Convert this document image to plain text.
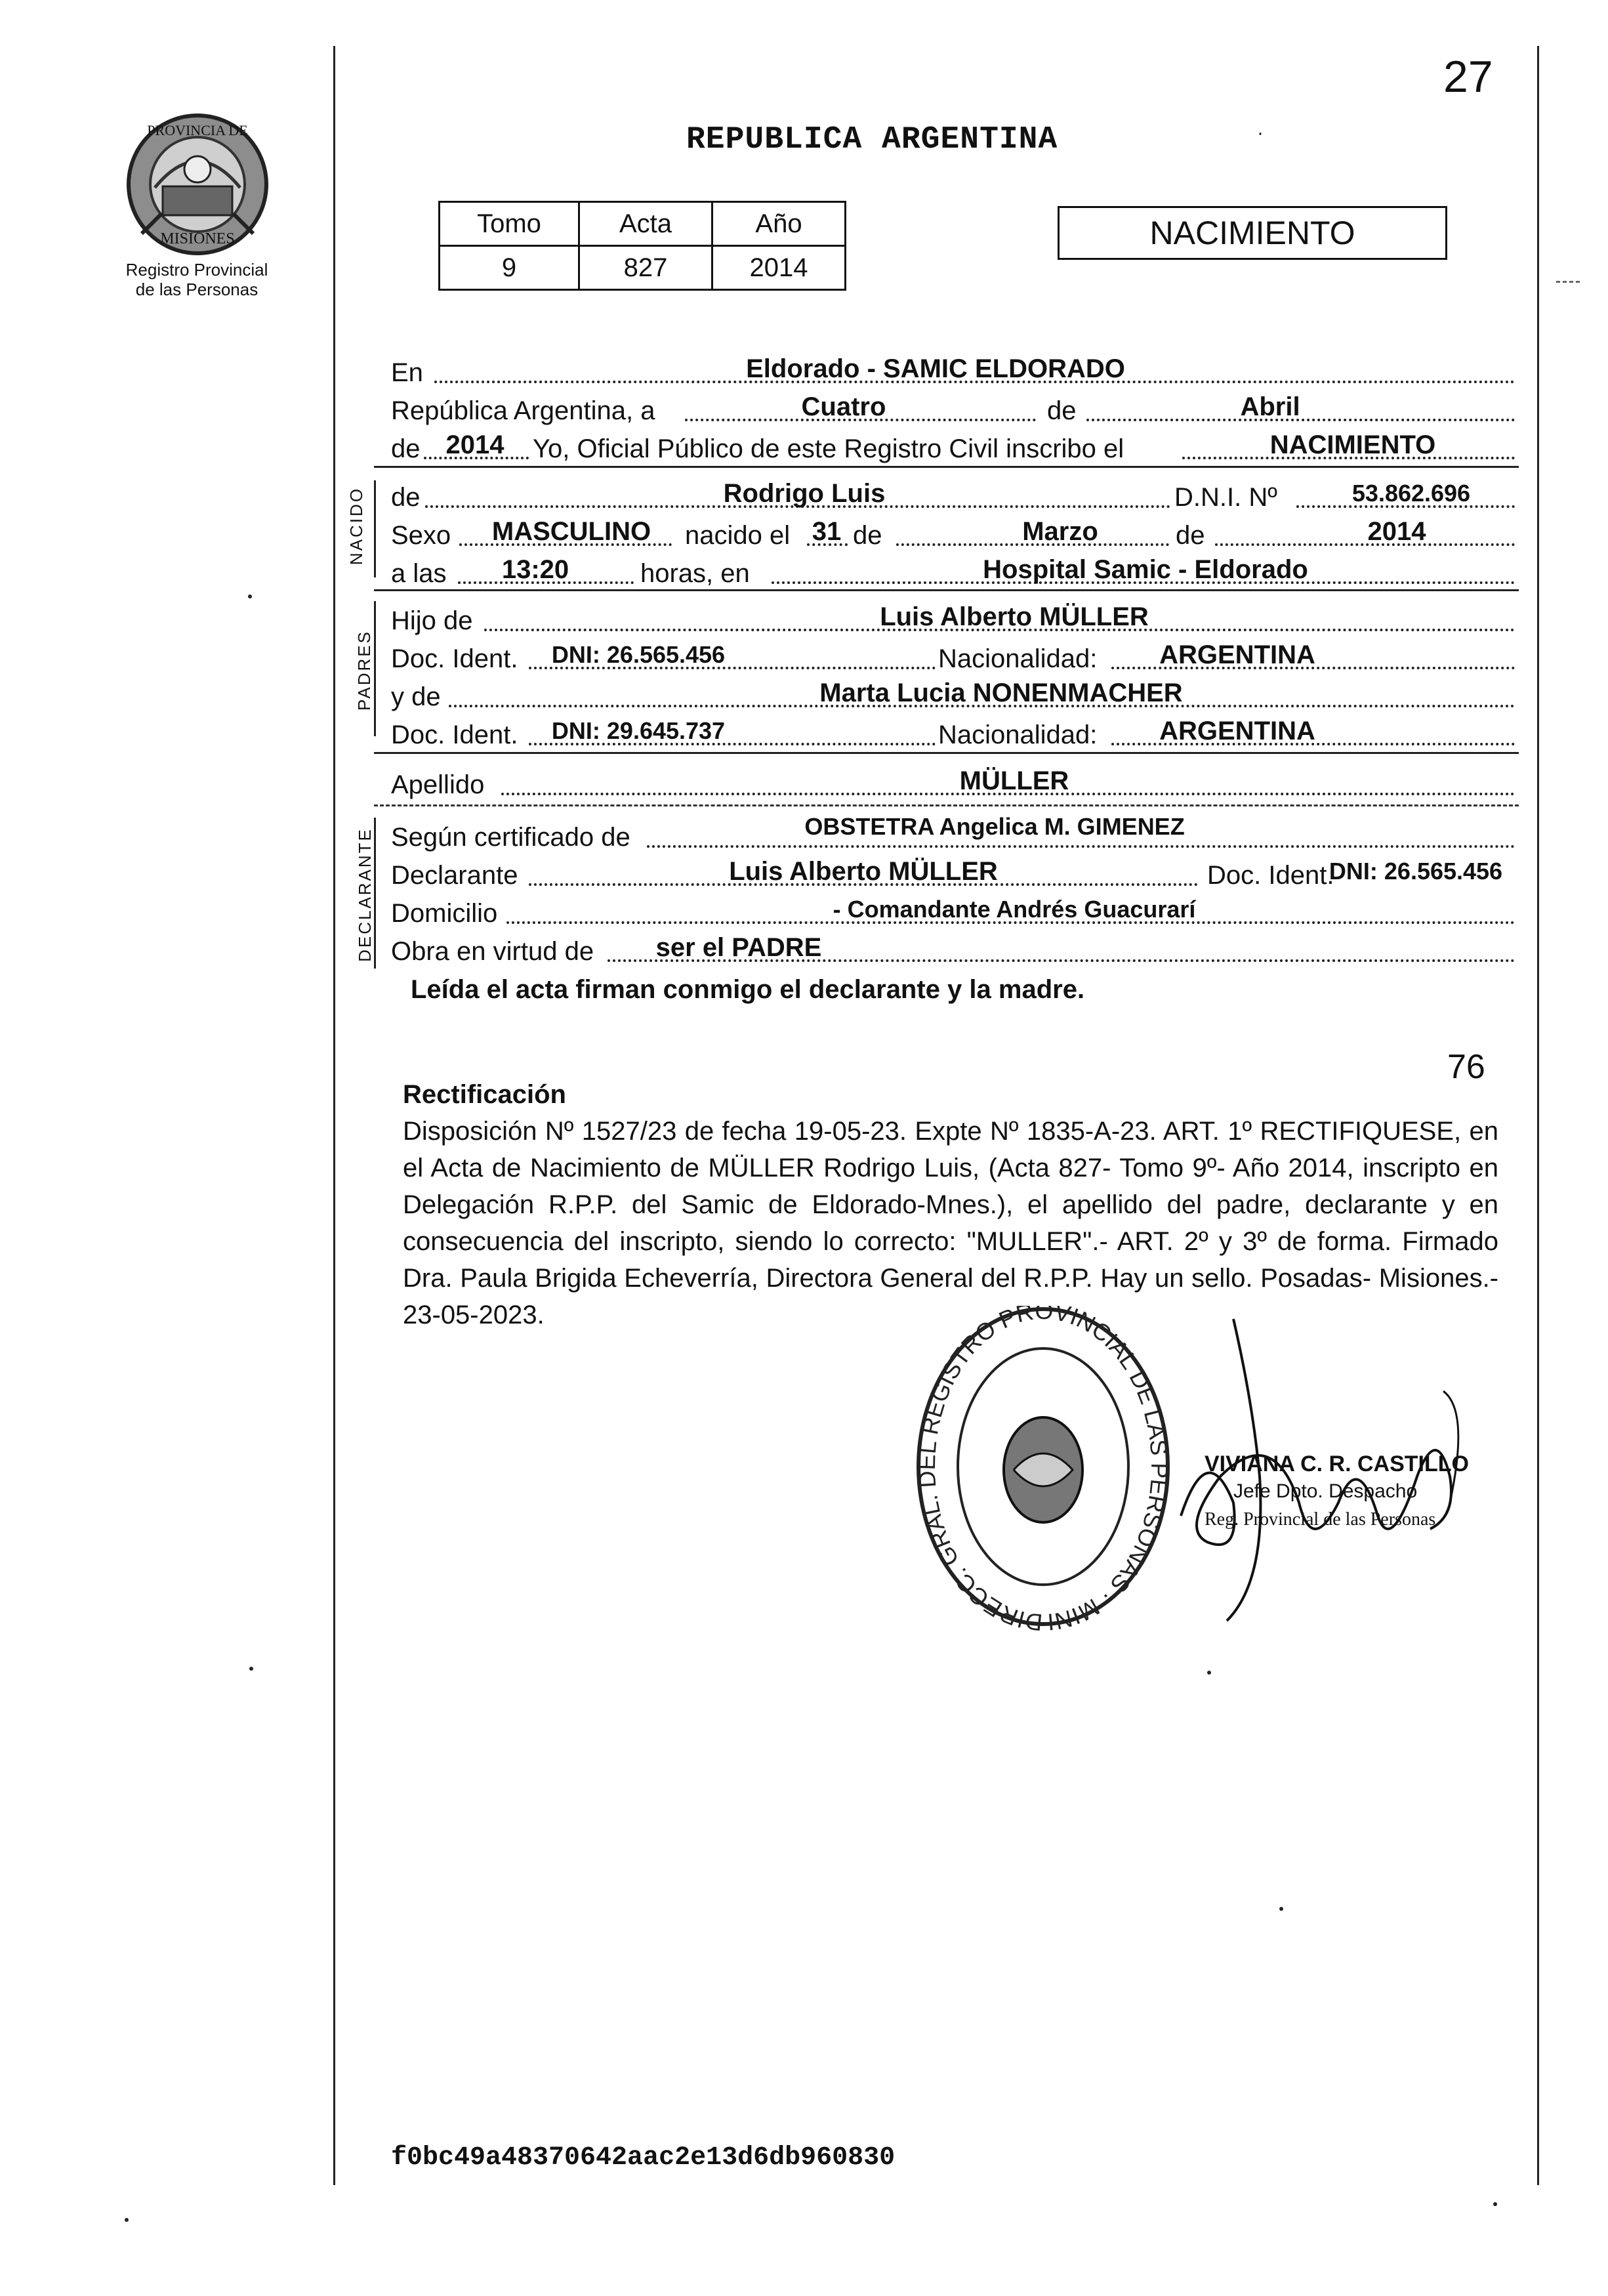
27
PROVINCIA DE
MISIONES
Registro Provincial
de las Personas
REPUBLICA ARGENTINA	·
Tomo	Acta	Año
9	827	2014
NACIMIENTO
En	Eldorado - SAMIC ELDORADO
República Argentina, a	Cuatro	de	Abril
de 2014	Yo, Oficial Público de este Registro Civil inscribo el	NACIMIENTO
NACIDO de	Rodrigo Luis	D.N.I. Nº	53.862.696
Sexo MASCULINO nacido el 31 de	Marzo	de	2014
a las	13:20	horas, en	Hospital Samic - Eldorado
PADRES
Hijo de	Luis Alberto MÜLLER
Doc. Ident.	DNI: 26.565.456	Nacionalidad: ARGENTINA
y de	Marta Lucia NONENMACHER
Doc. Ident.	DNI: 29.645.737	Nacionalidad: ARGENTINA
Apellido	MÜLLER
DECLARANTE Según certificado de	OBSTETRA Angelica M. GIMENEZ
Declarante	Luis Alberto MÜLLER	Doc. Ident.
DNI: 26.565.456
Domicilio	- Comandante Andrés Guacurarí
Obra en virtud de	ser el PADRE
Leída el acta firman conmigo el declarante y la madre.
76
Rectificación
Disposición Nº 1527/23 de fecha 19-05-23. Expte Nº 1835-A-23. ART. 1º RECTIFIQUESE, en el Acta de Nacimiento de MÜLLER Rodrigo Luis, (Acta 827- Tomo 9º- Año 2014, inscripto en Delegación R.P.P. del Samic de Eldorado-Mnes.), el apellido del padre, declarante y en consecuencia del inscripto, siendo lo correcto: "MULLER".- ART. 2º y 3º de forma. Firmado Dra. Paula Brigida Echeverría, Directora General del R.P.P. Hay un sello. Posadas- Misiones.- 23-05-2023.
DIRECC. GRAL. DEL REGISTRO PROVINCIAL DE LAS PERSONAS · MINI
VIVIANA C. R. CASTILLO
Jefe Dpto. Despacho
Reg. Provincial de las Personas
f0bc49a48370642aac2e13d6db960830
